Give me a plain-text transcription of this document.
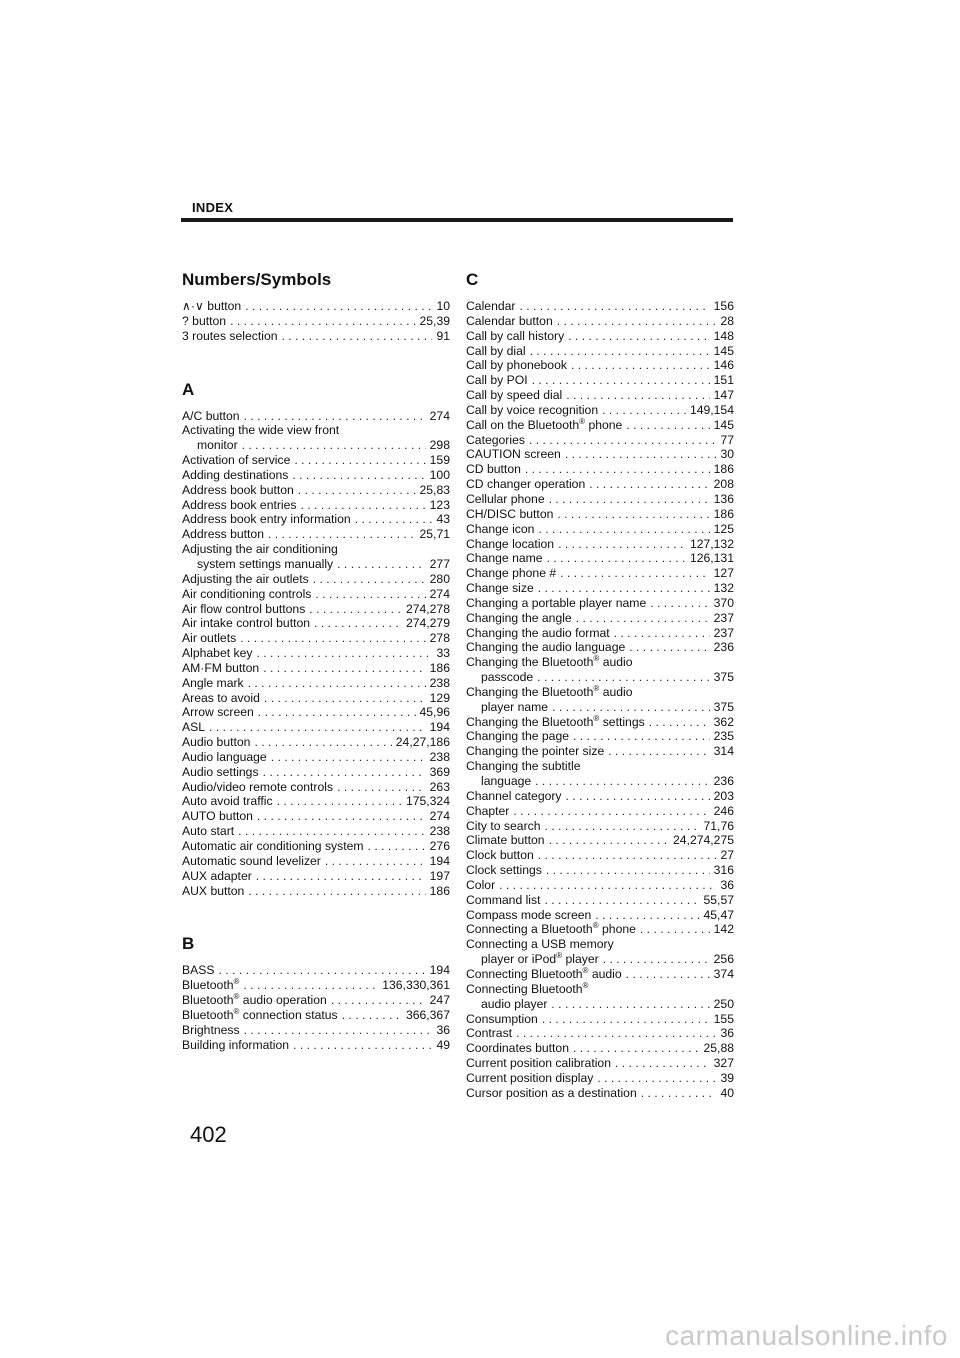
INDEX
Numbers/Symbols
∧·∨ button . . .	10
? button . . .	25,39
3 routes selection . . .	91
A
A/C button . . .	274
Activating the wide view front
monitor . . .	298
Activation of service . . .	159
Adding destinations . . .	100
Address book button . . .	25,83
Address book entries . . .	123
Address book entry information . . .	43
Address button . . .	25,71
Adjusting the air conditioning
system settings manually . . .	277
Adjusting the air outlets . . .	280
Air conditioning controls . . .	274
Air flow control buttons . . .	274,278
Air intake control button . . .	274,279
Air outlets . . .	278
Alphabet key . . .	33
AM·FM button . . .	186
Angle mark . . .	238
Areas to avoid . . .	129
Arrow screen . . .	45,96
ASL . . .	194
Audio button . . .	24,27,186
Audio language . . .	238
Audio settings . . .	369
Audio/video remote controls . . .	263
Auto avoid traffic . . .	175,324
AUTO button . . .	274
Auto start . . .	238
Automatic air conditioning system . . .	276
Automatic sound levelizer . . .	194
AUX adapter . . .	197
AUX button . . .	186
B
BASS . . .	194
Bluetooth® . . .	136,330,361
Bluetooth® audio operation . . .	247
Bluetooth® connection status . . .	366,367
Brightness . . .	36
Building information . . .	49
C
Calendar . . .	156
Calendar button . . .	28
Call by call history . . .	148
Call by dial . . .	145
Call by phonebook . . .	146
Call by POI . . .	151
Call by speed dial . . .	147
Call by voice recognition . . .	149,154
Call on the Bluetooth® phone . . .	145
Categories . . .	77
CAUTION screen . . .	30
CD button . . .	186
CD changer operation . . .	208
Cellular phone . . .	136
CH/DISC button . . .	186
Change icon . . .	125
Change location . . .	127,132
Change name . . .	126,131
Change phone # . . .	127
Change size . . .	132
Changing a portable player name . . .	370
Changing the angle . . .	237
Changing the audio format . . .	237
Changing the audio language . . .	236
Changing the Bluetooth® audio
passcode . . .	375
Changing the Bluetooth® audio
player name . . .	375
Changing the Bluetooth® settings . . .	362
Changing the page . . .	235
Changing the pointer size . . .	314
Changing the subtitle
language . . .	236
Channel category . . .	203
Chapter . . .	246
City to search . . .	71,76
Climate button . . .	24,274,275
Clock button . . .	27
Clock settings . . .	316
Color . . .	36
Command list . . .	55,57
Compass mode screen . . .	45,47
Connecting a Bluetooth® phone . . .	142
Connecting a USB memory
player or iPod® player . . .	256
Connecting Bluetooth® audio . . .	374
Connecting Bluetooth®
audio player . . .	250
Consumption . . .	155
Contrast . . .	36
Coordinates button . . .	25,88
Current position calibration . . .	327
Current position display . . .	39
Cursor position as a destination . . .	40
402
carmanualsonline.info
